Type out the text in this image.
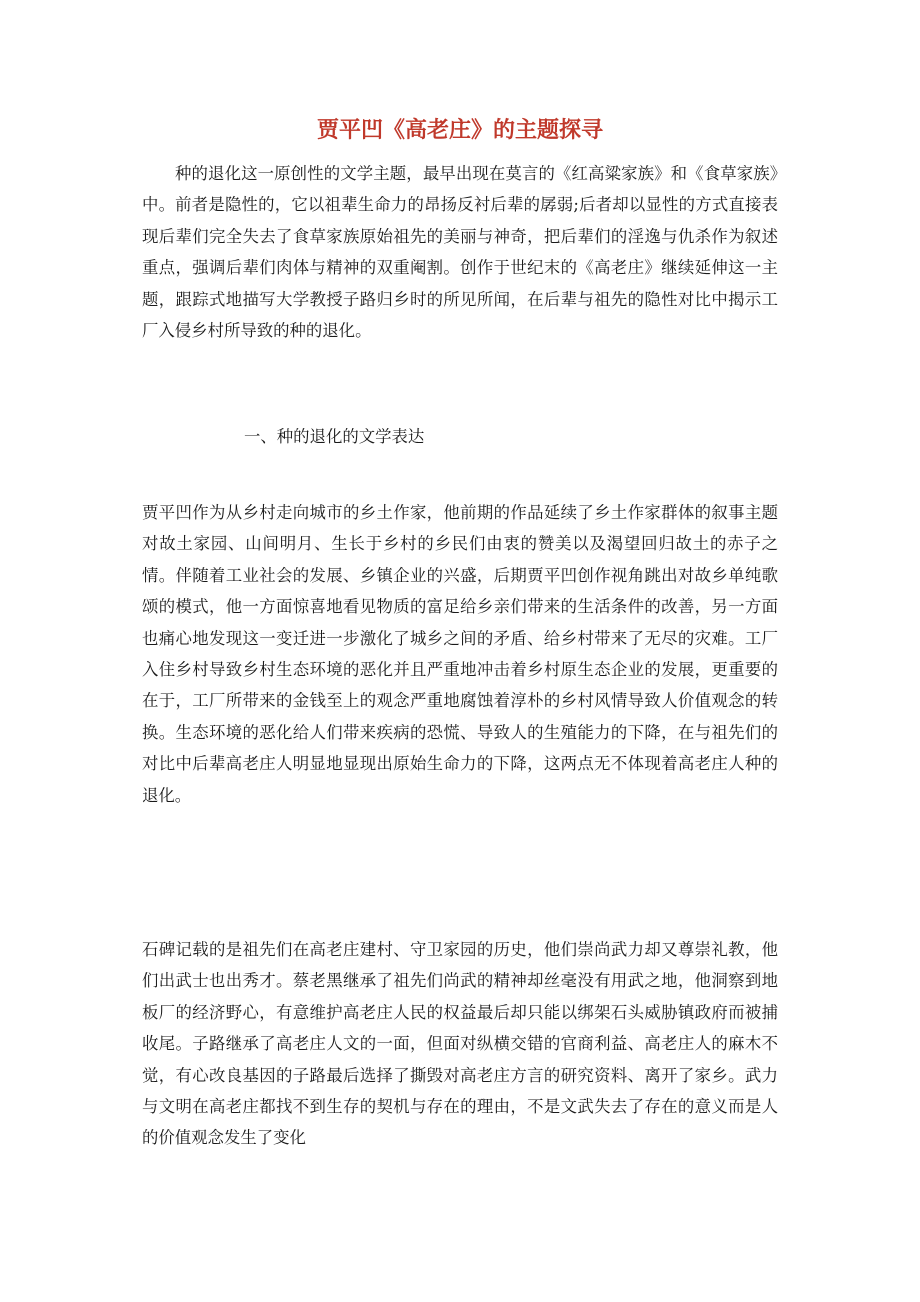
贾平凹《高老庄》的主题探寻
种的退化这一原创性的文学主题，最早出现在莫言的《红高粱家族》和《食草家族》中。前者是隐性的，它以祖辈生命力的昂扬反衬后辈的孱弱;后者却以显性的方式直接表现后辈们完全失去了食草家族原始祖先的美丽与神奇，把后辈们的淫逸与仇杀作为叙述重点，强调后辈们肉体与精神的双重阉割。创作于世纪末的《高老庄》继续延伸这一主题，跟踪式地描写大学教授子路归乡时的所见所闻，在后辈与祖先的隐性对比中揭示工厂入侵乡村所导致的种的退化。
一、种的退化的文学表达
贾平凹作为从乡村走向城市的乡土作家，他前期的作品延续了乡土作家群体的叙事主题对故土家园、山间明月、生长于乡村的乡民们由衷的赞美以及渴望回归故土的赤子之情。伴随着工业社会的发展、乡镇企业的兴盛，后期贾平凹创作视角跳出对故乡单纯歌颂的模式，他一方面惊喜地看见物质的富足给乡亲们带来的生活条件的改善，另一方面也痛心地发现这一变迁进一步激化了城乡之间的矛盾、给乡村带来了无尽的灾难。工厂入住乡村导致乡村生态环境的恶化并且严重地冲击着乡村原生态企业的发展，更重要的在于，工厂所带来的金钱至上的观念严重地腐蚀着淳朴的乡村风情导致人价值观念的转换。生态环境的恶化给人们带来疾病的恐慌、导致人的生殖能力的下降，在与祖先们的对比中后辈高老庄人明显地显现出原始生命力的下降，这两点无不体现着高老庄人种的退化。
石碑记载的是祖先们在高老庄建村、守卫家园的历史，他们崇尚武力却又尊崇礼教，他们出武士也出秀才。蔡老黑继承了祖先们尚武的精神却丝毫没有用武之地，他洞察到地板厂的经济野心，有意维护高老庄人民的权益最后却只能以绑架石头威胁镇政府而被捕收尾。子路继承了高老庄人文的一面，但面对纵横交错的官商利益、高老庄人的麻木不觉，有心改良基因的子路最后选择了撕毁对高老庄方言的研究资料、离开了家乡。武力与文明在高老庄都找不到生存的契机与存在的理由，不是文武失去了存在的意义而是人的价值观念发生了变化
